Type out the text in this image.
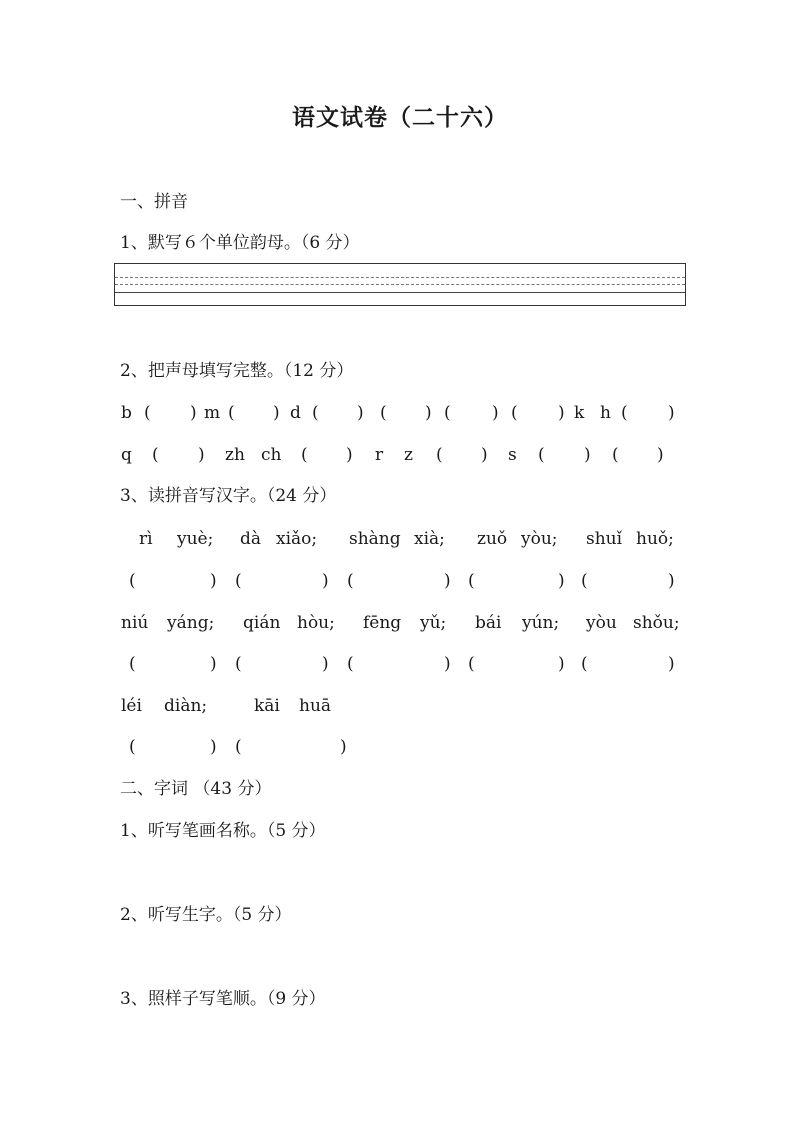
语文试卷（二十六）
一、拼音
1、默写６个单位韵母。（6 分）
2、把声母填写完整。（12 分）
b ( ) m ( ) d ( ) ( ) ( ) ( ) k h ( )
q ( ) zh ch ( ) r z ( ) s ( ) ( )
3、读拼音写汉字。（24 分）
rì yuè; dà xiǎo; shàng xià; zuǒ yòu; shuǐ huǒ;
(	) (	) (	) (	) (	)
niú yáng; qián hòu; fēng yǔ; bái yún; yòu shǒu;
(	) (	) (	) (	) (	)
léi diàn;	kāi huā
(	) (	)
二、字词 （43 分）
1、听写笔画名称。（5 分）
2、听写生字。（5 分）
3、照样子写笔顺。（9 分）
